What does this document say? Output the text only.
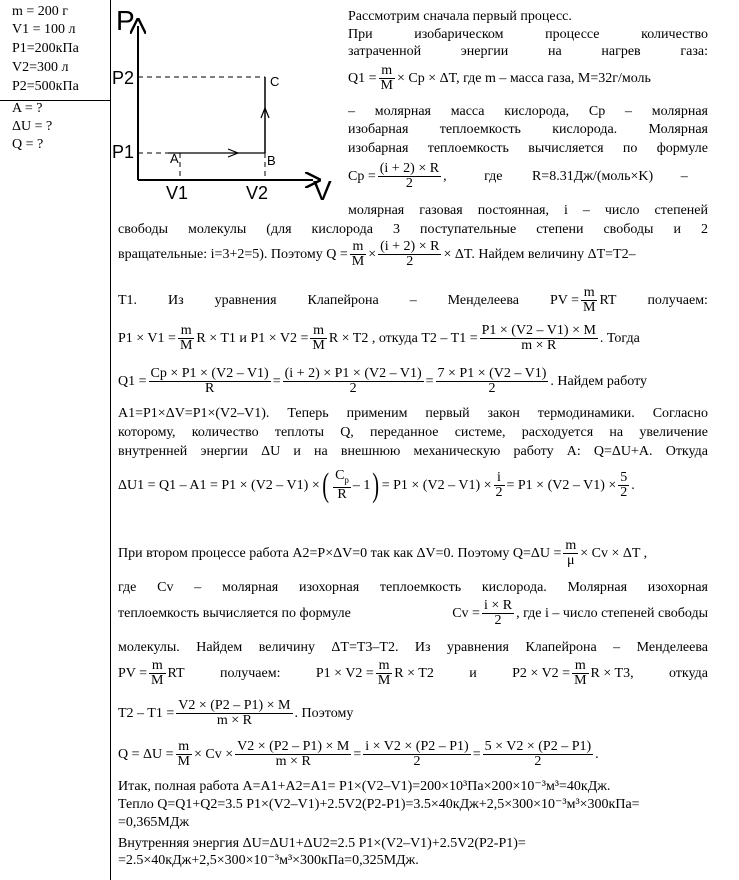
m = 200 г
V1 = 100 л
P1=200кПа
V2=300 л
P2=500кПа
A = ?
ΔU = ?
Q = ?
P
V
P2
P1
V1	V2
A	B
C
Рассмотрим сначала первый процесс.
При изобарическом процессе количество
затраченной энергии на нагрев газа:
$Q1 = \frac{m}{M} \times Cp \times \Delta T$, где m – масса газа, M=32г/моль
– молярная масса кислорода, Cp – молярная
изобарная теплоемкость кислорода. Молярная
изобарная теплоемкость вычисляется по формуле
$Cp = \frac{(i + 2) \times R}{2}$ ,	где R=8.31Дж/(моль×K) –
молярная газовая постоянная, i – число степеней
свободы молекулы (для кислорода 3 поступательные степени свободы и 2
вращательные: i=3+2=5). Поэтому $Q = \frac{m}{M} \times \frac{(i + 2) \times R}{2} \times \Delta T$. Найдем величину ΔT=T2–
T1. Из уравнения Клапейрона – Менделеева PV = $\frac{m}{M}$ RT получаем:
$P1 \times V1 = \frac{m}{M}$ R × T1 и $P1 \times V2 = \frac{m}{M}$ R × T2 , откуда $T2 - T1 = \frac{P1 \times (V2 - V1) \times M}{m \times R}$ . Тогда
$Q1 = \frac{Cp \times P1 \times (V2 - V1)}{R} = \frac{(i + 2) \times P1 \times (V2 - V1)}{2} = \frac{7 \times P1 \times (V2 - V1)}{2}$ . Найдем работу
A1=P1×ΔV=P1×(V2–V1). Теперь применим первый закон термодинамики. Согласно
которому, количество теплоты Q, переданное системе, расходуется на увеличение
внутренней энергии ΔU и на внешнюю механическую работу A: Q=ΔU+A. Откуда
ΔU1 = Q1 – A1 = P1 × (V2 – V1) ×( $\frac{C_p}{R} - 1) = P1 \times (V2 - V1) \times \frac{i}{2} = P1 \times (V2 - V1) \times \frac{5}{2}$ .
При втором процессе работа A2=P×ΔV=0 так как ΔV=0. Поэтому $Q=\Delta U = \frac{m}{\mu} \times Cv \times \Delta T$ ,
где Cv – молярная изохорная теплоемкость кислорода. Молярная изохорная
теплоемкость вычисляется по формуле	$Cv = \frac{i \times R}{2}$ , где i – число степеней свободы
молекулы. Найдем величину ΔT=T3–T2. Из уравнения Клапейрона – Менделеева
PV = $\frac{m}{M}$ RT	получаем:	$P1 \times V2 = \frac{m}{M}$ R × T2	и	$P2 \times V2 = \frac{m}{M}$ R × T3,	откуда
$T2 - T1 = \frac{V2 \times (P2 - P1) \times M}{m \times R}$ . Поэтому
$Q = \Delta U = \frac{m}{M} \times Cv \times \frac{V2 \times (P2 - P1) \times M}{m \times R} = \frac{i \times V2 \times (P2 - P1)}{2} = \frac{5 \times V2 \times (P2 - P1)}{2}$ .
Итак, полная работа A=A1+A2=A1= P1×(V2–V1)=200×10³Па×200×10⁻³м³=40кДж.
Тепло Q=Q1+Q2=3.5 P1×(V2–V1)+2.5V2(P2-P1)=3.5×40кДж+2,5×300×10⁻³м³×300кПа=
=0,365МДж
Внутренняя энергия ΔU=ΔU1+ΔU2=2.5 P1×(V2–V1)+2.5V2(P2-P1)=
=2.5×40кДж+2,5×300×10⁻³м³×300кПа=0,325МДж.
